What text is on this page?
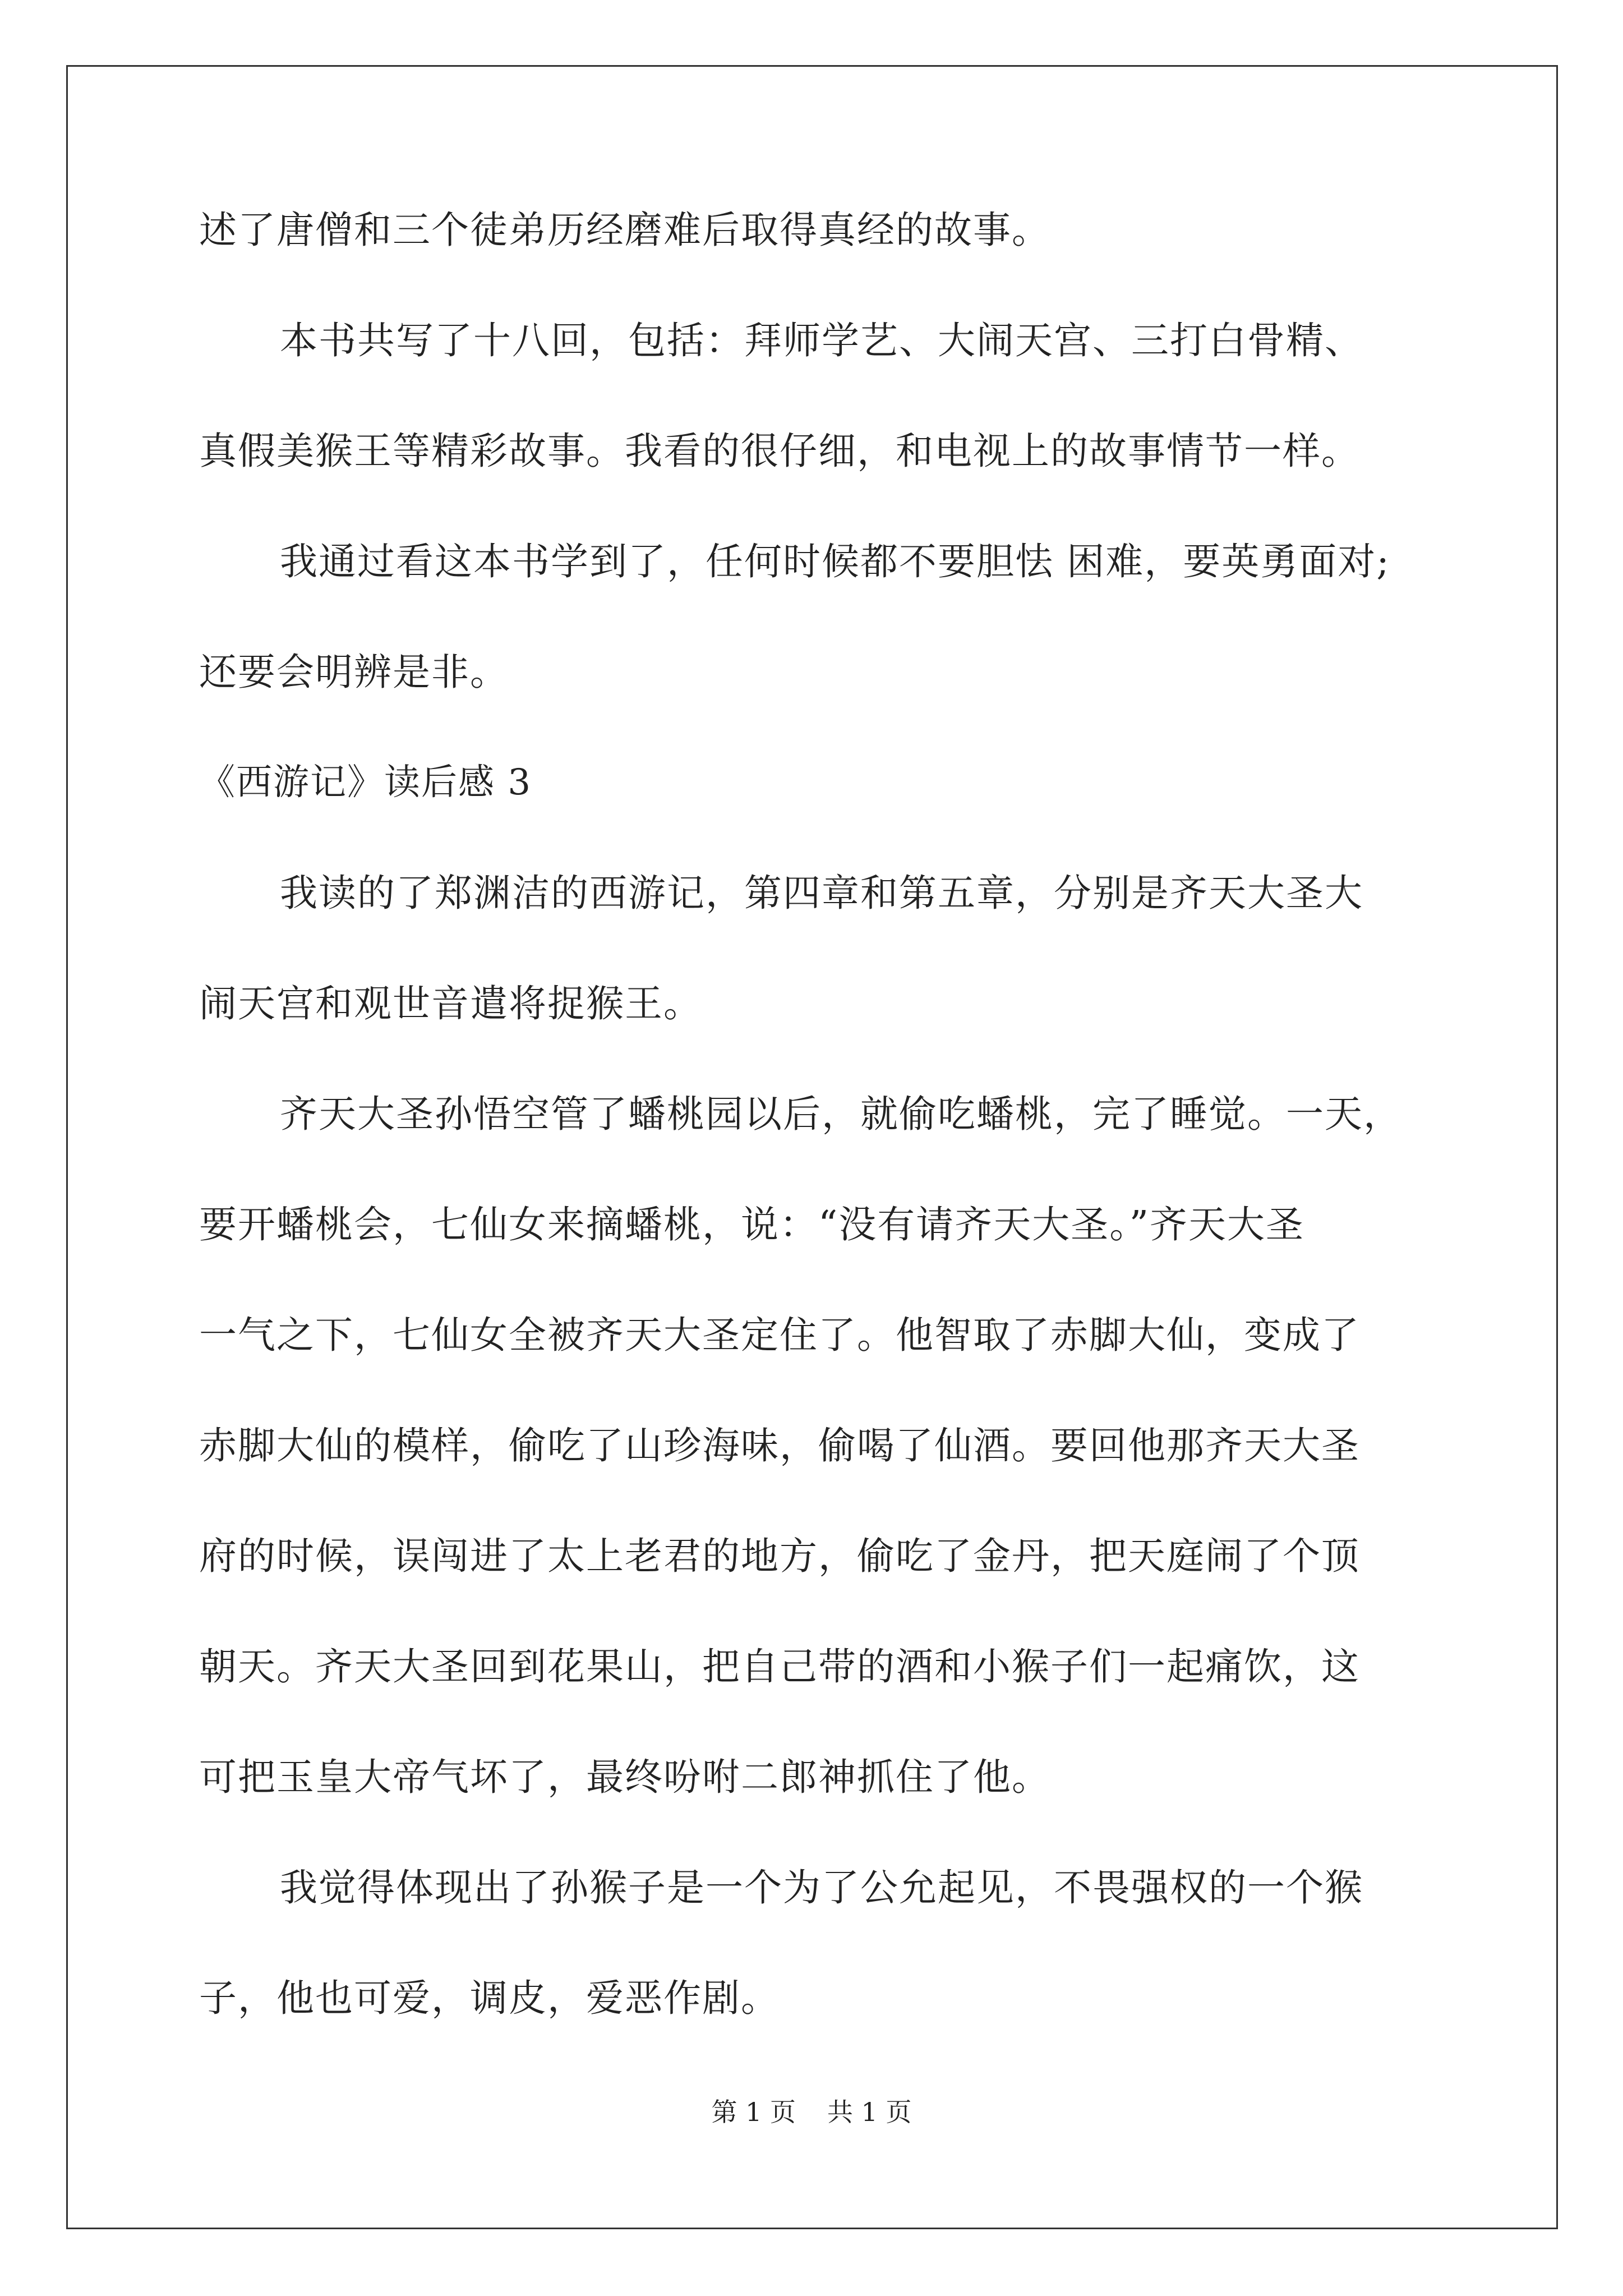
述了唐僧和三个徒弟历经磨难后取得真经的故事。
本书共写了十八回，包括：拜师学艺、大闹天宫、三打白骨精、
真假美猴王等精彩故事。我看的很仔细，和电视上的故事情节一样。
我通过看这本书学到了，任何时候都不要胆怯 困难，要英勇面对;
还要会明辨是非。
《西游记》读后感 3
我读的了郑渊洁的西游记，第四章和第五章，分别是齐天大圣大
闹天宫和观世音遣将捉猴王。
齐天大圣孙悟空管了蟠桃园以后，就偷吃蟠桃，完了睡觉。一天，
要开蟠桃会，七仙女来摘蟠桃，说：“没有请齐天大圣。”齐天大圣
一气之下，七仙女全被齐天大圣定住了。他智取了赤脚大仙，变成了
赤脚大仙的模样，偷吃了山珍海味，偷喝了仙酒。要回他那齐天大圣
府的时候，误闯进了太上老君的地方，偷吃了金丹，把天庭闹了个顶
朝天。齐天大圣回到花果山，把自己带的酒和小猴子们一起痛饮，这
可把玉皇大帝气坏了，最终吩咐二郎神抓住了他。
我觉得体现出了孙猴子是一个为了公允起见，不畏强权的一个猴
子，他也可爱，调皮，爱恶作剧。
第 1 页 共 1 页
